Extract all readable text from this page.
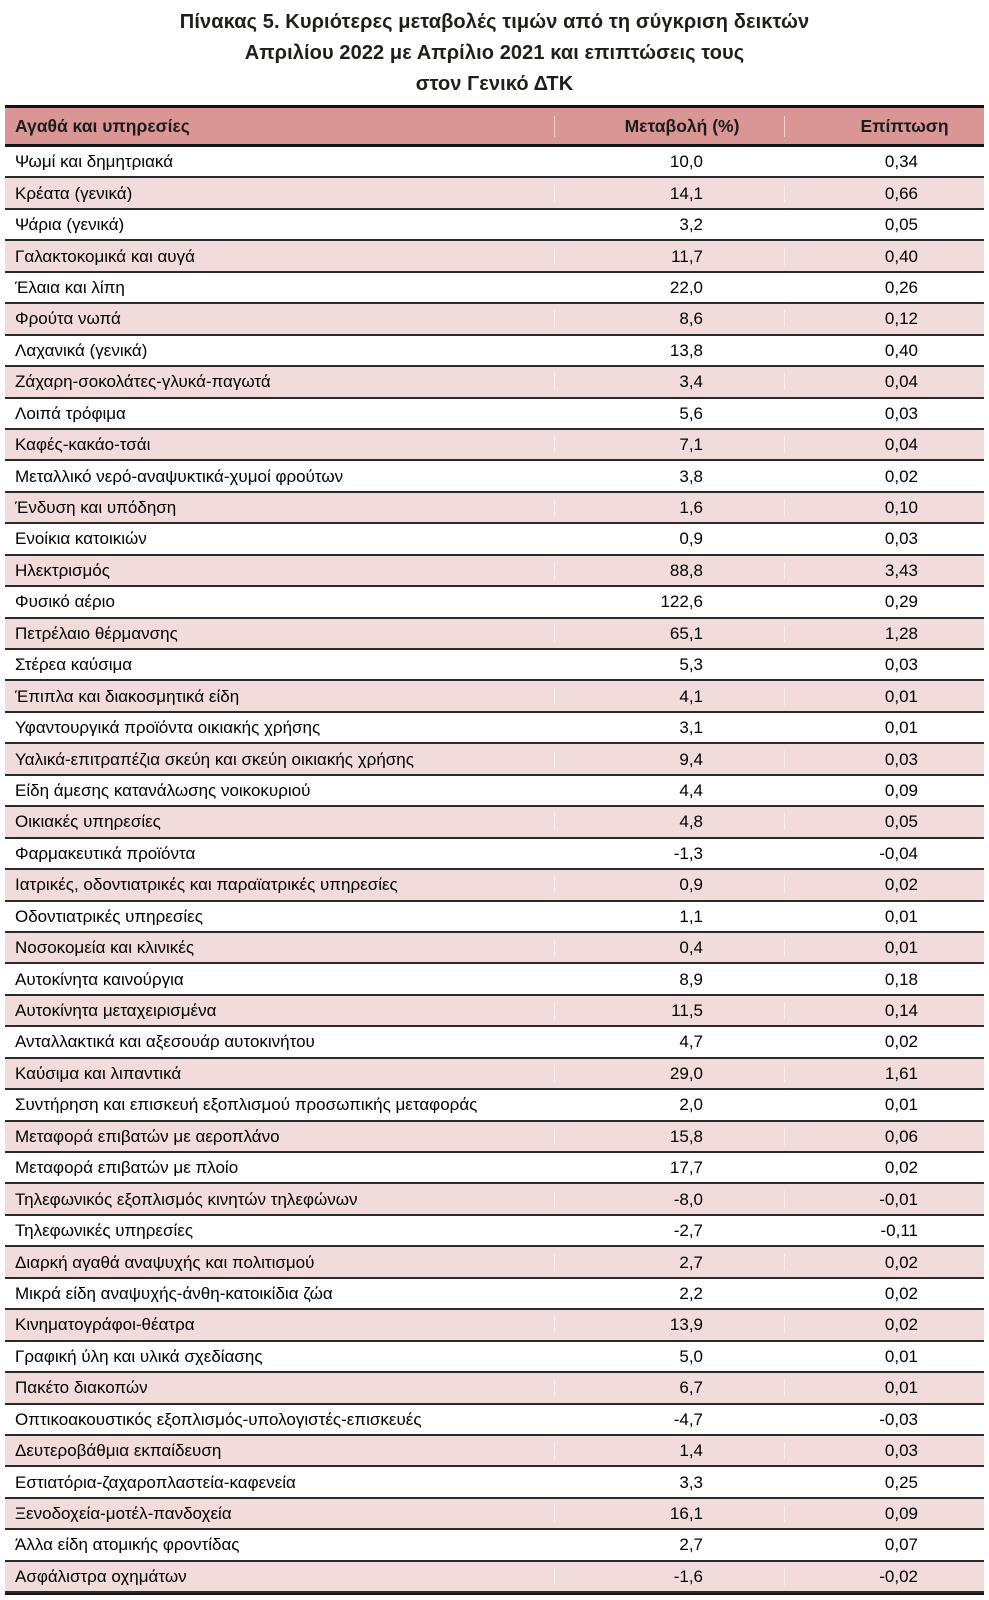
Πίνακας 5. Κυριότερες μεταβολές τιμών από τη σύγκριση δεικτών
Απριλίου 2022 με Απρίλιο 2021 και επιπτώσεις τους
στον Γενικό ΔΤΚ
Αγαθά και υπηρεσίες	Μεταβολή (%)	Επίπτωση
Ψωμί και δημητριακά	10,0	0,34
Κρέατα (γενικά)	14,1	0,66
Ψάρια (γενικά)	3,2	0,05
Γαλακτοκομικά και αυγά	11,7	0,40
Έλαια και λίπη	22,0	0,26
Φρούτα νωπά	8,6	0,12
Λαχανικά (γενικά)	13,8	0,40
Ζάχαρη-σοκολάτες-γλυκά-παγωτά	3,4	0,04
Λοιπά τρόφιμα	5,6	0,03
Καφές-κακάο-τσάι	7,1	0,04
Μεταλλικό νερό-αναψυκτικά-χυμοί φρούτων	3,8	0,02
Ένδυση και υπόδηση	1,6	0,10
Ενοίκια κατοικιών	0,9	0,03
Ηλεκτρισμός	88,8	3,43
Φυσικό αέριο	122,6	0,29
Πετρέλαιο θέρμανσης	65,1	1,28
Στέρεα καύσιμα	5,3	0,03
Έπιπλα και διακοσμητικά είδη	4,1	0,01
Υφαντουργικά προϊόντα οικιακής χρήσης	3,1	0,01
Υαλικά-επιτραπέζια σκεύη και σκεύη οικιακής χρήσης	9,4	0,03
Είδη άμεσης κατανάλωσης νοικοκυριού	4,4	0,09
Οικιακές υπηρεσίες	4,8	0,05
Φαρμακευτικά προϊόντα	-1,3	-0,04
Ιατρικές, οδοντιατρικές και παραϊατρικές υπηρεσίες	0,9	0,02
Οδοντιατρικές υπηρεσίες	1,1	0,01
Νοσοκομεία και κλινικές	0,4	0,01
Αυτοκίνητα καινούργια	8,9	0,18
Αυτοκίνητα μεταχειρισμένα	11,5	0,14
Ανταλλακτικά και αξεσουάρ αυτοκινήτου	4,7	0,02
Καύσιμα και λιπαντικά	29,0	1,61
Συντήρηση και επισκευή εξοπλισμού προσωπικής μεταφοράς	2,0	0,01
Μεταφορά επιβατών με αεροπλάνο	15,8	0,06
Μεταφορά επιβατών με πλοίο	17,7	0,02
Τηλεφωνικός εξοπλισμός κινητών τηλεφώνων	-8,0	-0,01
Τηλεφωνικές υπηρεσίες	-2,7	-0,11
Διαρκή αγαθά αναψυχής και πολιτισμού	2,7	0,02
Μικρά είδη αναψυχής-άνθη-κατοικίδια ζώα	2,2	0,02
Κινηματογράφοι-θέατρα	13,9	0,02
Γραφική ύλη και υλικά σχεδίασης	5,0	0,01
Πακέτο διακοπών	6,7	0,01
Οπτικοακουστικός εξοπλισμός-υπολογιστές-επισκευές	-4,7	-0,03
Δευτεροβάθμια εκπαίδευση	1,4	0,03
Εστιατόρια-ζαχαροπλαστεία-καφενεία	3,3	0,25
Ξενοδοχεία-μοτέλ-πανδοχεία	16,1	0,09
Άλλα είδη ατομικής φροντίδας	2,7	0,07
Ασφάλιστρα οχημάτων	-1,6	-0,02
